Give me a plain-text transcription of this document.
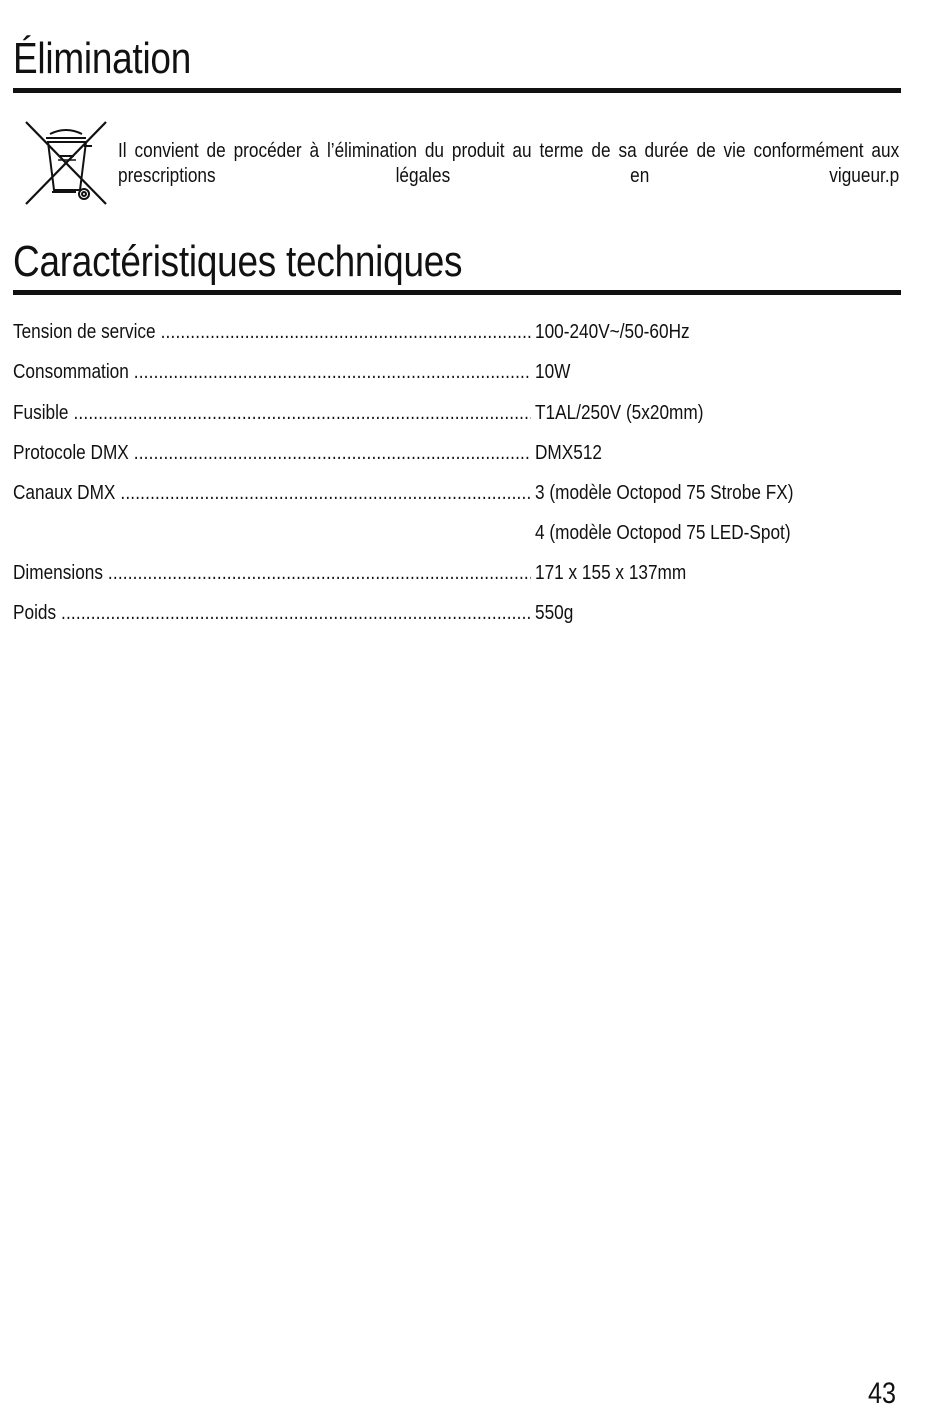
Élimination

Il convient de procéder à l’élimination du produit au terme de sa durée de vie conformément aux prescriptions légales en vigueur.p

Caractéristiques techniques
Tension de service .....	100-240V~/50-60Hz
Consommation .....	10W
Fusible .....	T1AL/250V (5x20mm)
Protocole DMX .....	DMX512
Canaux DMX .....	3 (modèle Octopod 75 Strobe FX)
4 (modèle Octopod 75 LED-Spot)
Dimensions .....	171 x 155 x 137mm
Poids .....	550g
43
